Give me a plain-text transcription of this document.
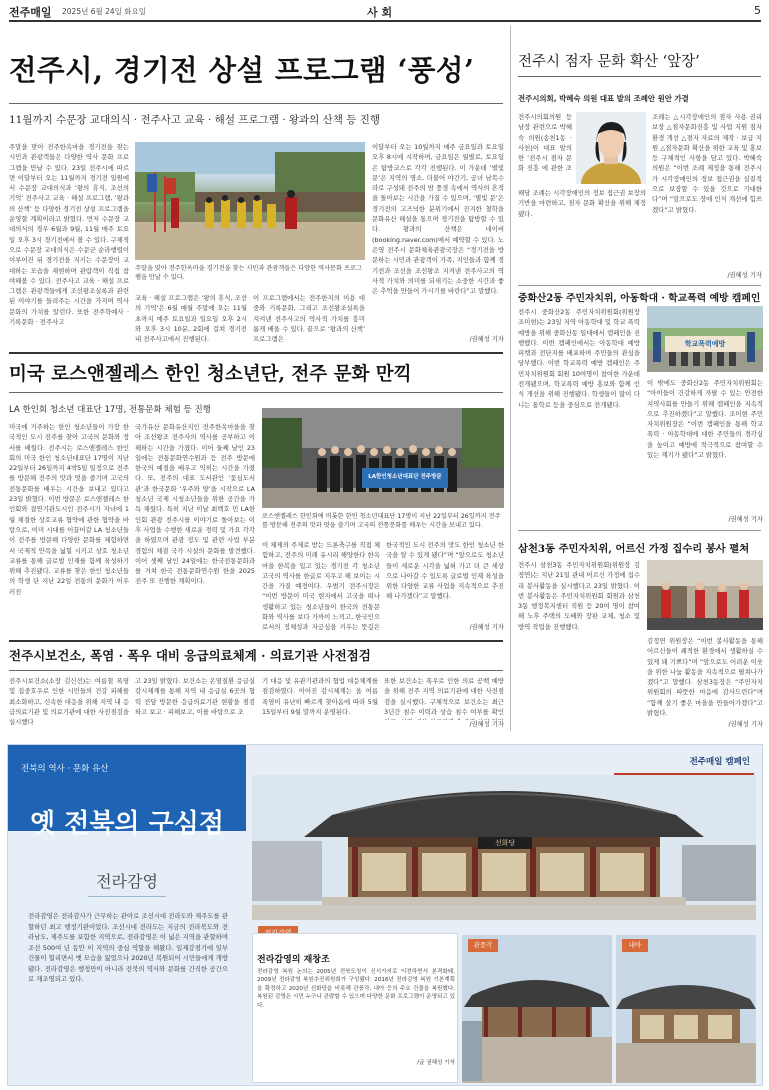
전주매일 2025년 6월 24일 화요일	사 회	5
전주시, 경기전 상설 프로그램 ‘풍성’
11월까지 수문장 교대의식 · 전주사고 교육 · 해설 프로그램 · 왕과의 산책 등 진행
주말을 맞아 전주한옥마을 경기전을 찾는 시민과 관광객들은 다양한 역사 문화 프로그램을 만날 수 있다. 23일 전주시에 따르면 이달부터 오는 11월까지 경기전 일원에서 수문장 교대의식과 ‘왕의 휴식, 조선의 기억’ 전주사고 교육 · 해설 프로그램, ‘왕과의 산책’ 등 다양한 경기전 상설 프로그램을 운영할 계획이라고 밝혔다. 먼저 수문장 교대의식의 경우 6월과 9월, 11월 매주 토요일 오후 3시 경기전에서 볼 수 있다. 구체적으로 수문장 교대의식은 수문군 순라행렬이 이루어진 뒤 경기전을 지키는 수문장이 교대하는 모습을 재현하며 관람객이 직접 참여해볼 수 있다. 전주사고 교육 · 해설 프로그램은 관광객들에게 조선왕조실록과 관련된 이야기를 들려주는 시간을 가지며 역사 문화의 가치를 알린다. 또한 전주학예사 · 기록문화 · 전주사고
주말을 맞아 전주한옥마을 경기전을 찾는 시민과 관광객들은 다양한 역사문화 프로그램을 만날 수 있다.
교육 · 해설 프로그램은 ‘왕의 휴식, 조선의 기억’은 6월 매월 주말에 오는 11월 초까지 매주 토요일과 일요일 오후 2시와 오후 3시 10분, 2회에 걸쳐 경기전 내 전주사고에서 진행된다.
이 프로그램에서는 전주한지의 이용 대중와 기록문화, 그리고 조선왕조실록을 지켜낸 전주사고의 역사적 가치를 흥미롭게 배울 수 있다. 끝으로 ‘왕과의 산책’ 프로그램은
이달부터 오는 10월까지 매주 금요일과 토요일 오후 8시에 시작하며, 금요일은 월별로, 토요일은 탐방코스로 각각 진행된다. 이 가운데 ‘별빛 문’은 지역의 명소, 더불어 야간기, 궁녀 남복수라로 구성돼 전주의 밤 풍경 속에서 역사의 흔적을 돌아보는 시간을 가질 수 있으며, ‘별빛 문’은 경기전의 고즈넉한 분위기에서 진지한 철학을 문화유산 해설을 통으며 경기전을 탐방할 수 있다. 왕과의 산책은 네이버(booking.naver.com)에서 예약할 수 있다. 노은영 전주시 문화체육관광국장은 “경기전을 방문하는 시민과 관광객이 가족, 지인들과 함께 경기전과 조선을 조선왕조 지켜낸 전주사고의 역사적 가치와 의미를 되새기는 소중한 시간과 좋은 추억을 만들어 가시기를 바란다”고 말했다.
/권혜성 기자
미국 로스앤젤레스 한인 청소년단, 전주 문화 만끽
LA 한인회 청소년 대표단 17명, 전통문화 체험 등 진행
미국에 거주하는 한인 청소년들이 가장 한국적인 도시 전주를 찾아 고국의 문화와 정서를 배웠다. 전주시는 로스앤젤레스 한인회의 미국 한인 청소년대표단 17명이 지난 22일부터 26일까지 4박5일 일정으로 전주를 방문해 전주의 맛과 멋을 즐기며 고국의 전통문화를 배우는 시간을 보내고 있다고 23일 밝혔다. 이번 방문은 로스앤젤레스 한인회와 결연기관도시인 전주시가 자녀에 1월 체결한 상호교류 협약에 관한 협약을 바탕으로, 이미 시대를 이끌어갈 LA 청소년들이 전주를 방문해 다양한 문화를 체험하면서 국제적 안목을 넓힐 시키고 상호 청소년 교류를 통해 글로벌 인재를 함께 육성하기 위해 추진됐다. 교류를 찾은 한인 청소년들의 학생 단 지난 22일 전통의 문화가 어우러진
국가유산 문화유산지인 전주한옥마을을 찾아 조선왕조 전주사의 역사를 공부하고 이해하는 시간을 가졌다. 이어 둘째 날인 23일에는 전통문화연수원과 등 전주 방문에 한국의 예절을 배우고 익히는 시간을 가졌다. 또, 전주의 대표 도서관인 ‘꽃심도서관’과 한국문화 ‘우주와 양’을 시작으로 LA 청소년 국제 시청소년들을 위한 공간을 가득 채웠다. 특히 지난 이날 최백호 민 LA한인회 관광 전주시를 이야기로 돌아보는 이후 사업을 수행한 새로운 경력 및 가요 각각을 하였으며 관광 정도 및 관련 사업 부분 경험의 체결 국가 시설의 문화를 발견했다. 이어 셋째 날인 24일에는 한국전통문화과를 거쳐 한국 전통문화연수원 한을 2025 전주 또 진행한 계획이다.
LA한인청소년대표단 전주방문
로스앤젤레스 한인회에 비롯한 한인 청소년대표단 17명이 지난 22일부터 26일까지 전주를 방문해 전주의 맛과 멋을 즐기며 고국의 전통문화를 배우는 시간을 보내고 있다.
이 체제의 주제로 받는 드론축구를 직접 체험하고, 전주의 미래 유시리 해양한다 한옥마을 한복을 입고 있는 경기전 각 청소년 고국의 역사를 한글로 지우고 해 보이는 시간을 가질 예정이다. 우범기 전주시장은 “이번 방문이 미국 현지에서 고국을 떠나 생활하고 있는 청소년들이 한국의 전통문화와 역사를 보다 가까이 느끼고, 한국인으로서의 정체성과 자긍심을 키우는 뜻깊은
한국적인 도시 전주의 맛도 한인 청소년 한국을 알 수 있게 됐다”며 “앞으로도 청소년들이 새로운 시각을 넓혀 가고 더 큰 세상으로 나아갈 수 있도록 글로벌 인재 육성을 위한 다양한 교류 사업을 지속적으로 추진해 나가겠다”고 말했다.
/권혜성 기자
전주시보건소, 폭염 · 폭우 대비 응급의료체계 · 의료기관 사전점검
전주시보건소(소장 김신선)는 여름철 폭염 및 집중호우로 인한 시민들의 건강 피해를 최소화하고, 신속한 대응을 위해 지역 내 응급의료기관 및 의료기관에 대한 사전점검을 실시했다
고 23일 밝혔다. 보건소는 온열질환 응급실 감시체계를 통해 지역 내 응급실 6곳의 협력 전담 방문한 응급의료기관 현황을 점검하고 보고 · 피해보고, 이를 바탕으로 조
기 대응 및 유관기관과의 협업 대응체계를 점검하였다. 이어진 감시체계는 올 여름 폭염이 유난히 빠르게 찾아옴에 따라 5월 15일부터 9월 말까지 운영된다.
또한 보건소는 폭우로 인한 의료 공백 예방을 위해 전주 지역 의료기관에 대한 사전점검을 실시했다. 구체적으로 보건소는 최근 3년간 침수 이력과 상습 침수 여부를 확인
/권혜성 기자
전주시 점자 문화 확산 ‘앞장’
전주시의회, 박혜숙 의원 대표 발의 조례안 원안 가결
전주시의회의원 등 남장 관련으로 박혜숙 의원(송천1동 · 사천)이 대표 발의한 ‘전주시 점자 문화 진흥 에 관한 조
해당 조례는 시각장애인의 정보 접근권 보장의 기반을 마련하고, 점자 문화 확산을 위해 제정됐다.
조례는 △시각장애인의 점자 사용 권리 보장 △점자문화진흥 및 사업 지원 점자 환경 개선 △점자 자료의 제작 · 보급 지원 △점자문화 확산을 위한 교육 및 홍보 등 구체적인 사항을 담고 있다. 박혜숙 의원은 “이번 조례 제정을 통해 전주시가 시각장애인의 정보 접근권을 실질적으로 보장할 수 있을 것으로 기대한다”며 “앞으로도 장애 인식 개선에 힘쓰겠다”고 밝혔다.
/권혜성 기자
중화산2동 주민자치위, 아동학대 · 학교폭력 예방 캠페인
전주시 중화산2동 주민자치위원회(위원장 조미현)는 23일 지역 아동학대 및 학교 폭력 예방을 위해 중화산동 일대에서 캠페인을 진행했다. 이번 캠페인에서는 아동학대 예방 피켓과 전단지를 배포하며 주민들의 관심을 당부했다. 이번 학교폭력 예방 캠페인은 주민자치위원회 회원 10여명이 참여한 가운데 전개됐으며, 학교폭력 예방 홍보와 함께 인식 개선을 위해 진행됐다. 학생들이 많이 다니는 통학로 등을 중심으로 전개됐다.
학교폭력예방
이 밖에도 중화산2동 주민자치위원회는 “아이들이 건강하게 자랄 수 있는 안전한 지역사회를 만들기 위해 캠페인을 지속적으로 추진하겠다”고 말했다. 조미현 주민자치위원장은 “이번 캠페인을 통해 학교폭력 · 아동학대에 대한 주민들의 경각심을 높이고 예방에 적극적으로 참여할 수 있는 계기가 됐다”고 밝혔다.
/권혜성 기자
삼천3동 주민자치위, 어르신 가정 집수리 봉사 펼쳐
전주시 삼천3동 주민자치위원회(위원장 김정연)는 지난 21일 관내 어르신 가정에 집수리 봉사활동을 실시했다고 23일 밝혔다. 이번 봉사활동은 주민자치위원회 회원과 삼천3동 행정복지센터 직원 등 20여 명이 참여해 노후 주택의 도배와 장판 교체, 청소 및 방역 작업을 진행했다.
김정연 위원장은 “이번 봉사활동을 통해 어르신들이 쾌적한 환경에서 생활하실 수 있게 돼 기쁘다”며 “앞으로도 어려운 이웃을 위한 나눔 활동을 지속적으로 펼쳐나가겠다”고 말했다. 삼천3동장은 “주민자치위원회의 따뜻한 마음에 감사드린다”며 “함께 살기 좋은 마을을 만들어가겠다”고 밝혔다.
/권혜성 기자
전북의 역사 · 문화 유산
옛 전북의 구심점
전라감영
전라감영은 전라감사가 근무하는 관아로 조선시대 전라도와 제주도를 관할하던 최고 행정기관이었다. 조선시대 전라도는 지금의 전라북도와 전라남도, 제주도를 포함한 지역으로, 전라감영은 이 넓은 지역을 관할하며 조선 500여 년 동안 이 지역의 중심 역할을 해왔다. 일제강점기에 일부 건물이 헐리면서 옛 모습을 잃었으나 2020년 복원되어 시민들에게 개방됐다. 전라감영은 행정만이 아니라 전북의 역사와 문화를 간직한 공간으로 재조명되고 있다.
전주매일 캠페인
선화당
전라감영의 재창조
전라감영 복원 논의는 2005년 전북도청이 신시가지로 이전하면서 본격화돼, 2009년 전라감영 복원추진위원회가 구성됐다. 2016년 전라감영 복원 기본계획을 확정하고 2020년 선화당을 비롯해 관풍각, 내아 등의 주요 건물을 복원했다. 복원된 감영은 시민 누구나 관람할 수 있으며 다양한 문화 프로그램이 운영되고 있다.
/글 권혜성 기자
관풍각	내아
